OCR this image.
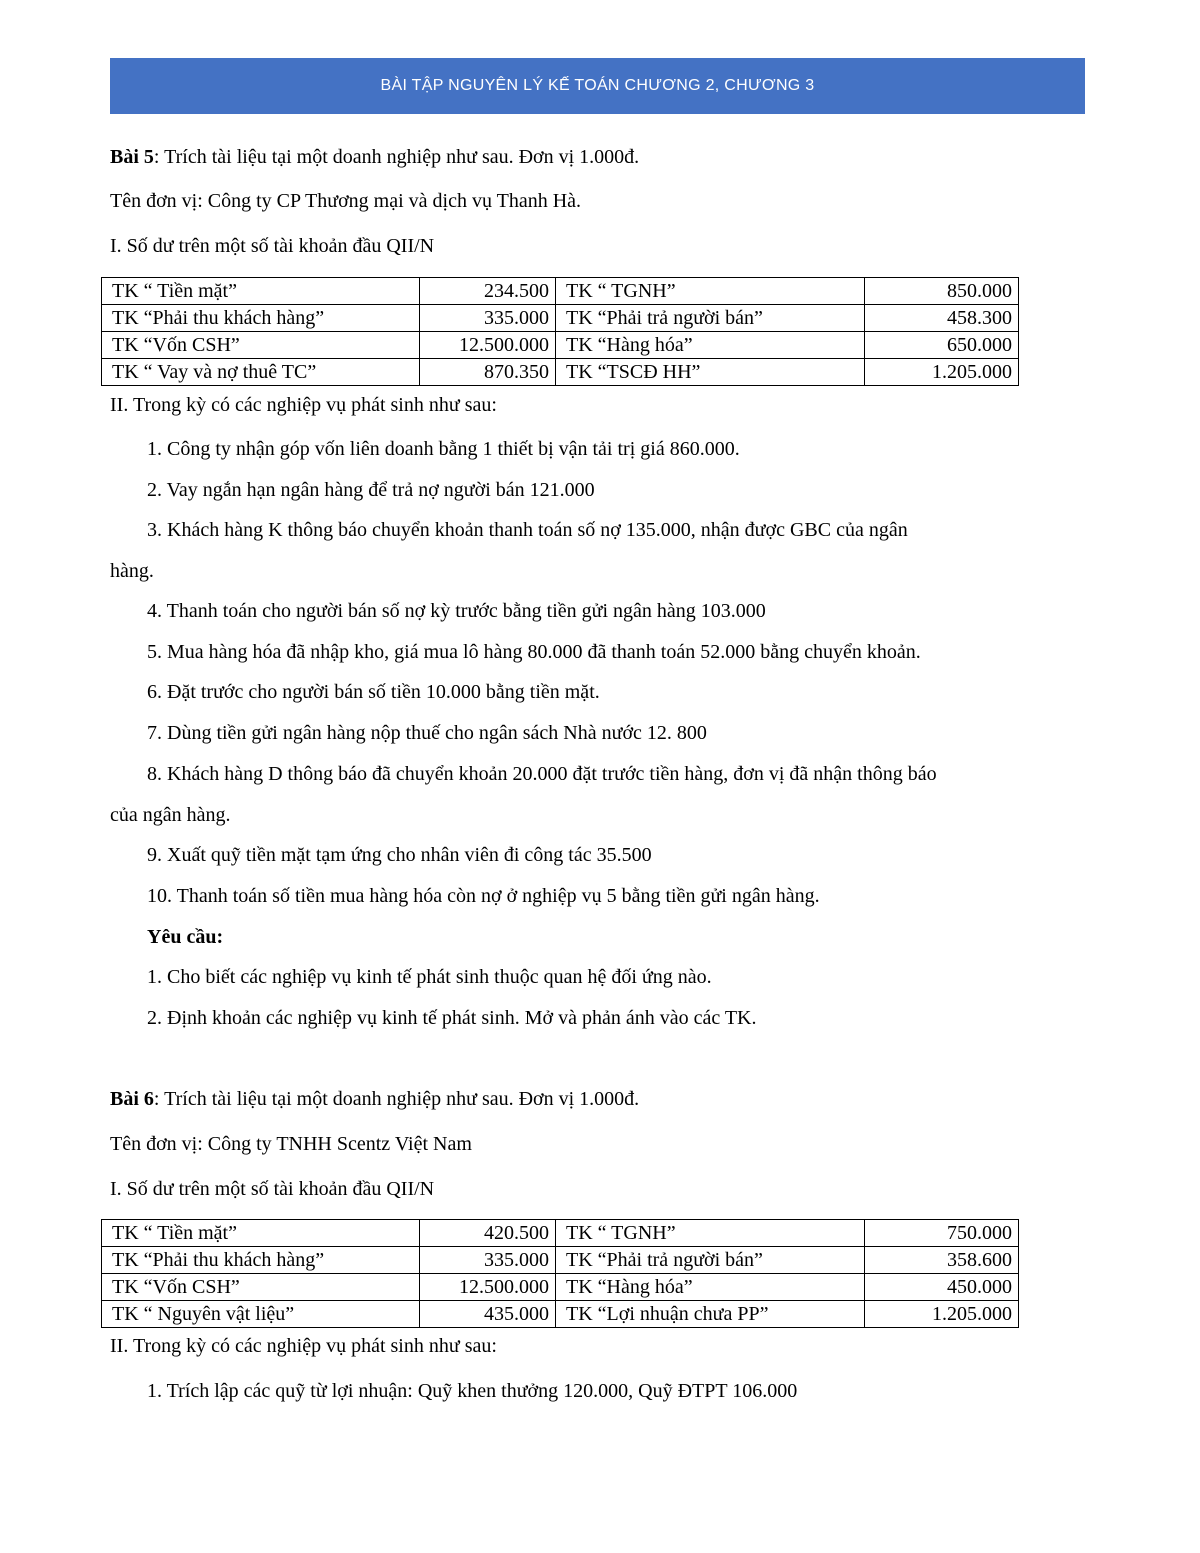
BÀI TẬP NGUYÊN LÝ KẾ TOÁN CHƯƠNG 2, CHƯƠNG 3
Bài 5: Trích tài liệu tại một doanh nghiệp như sau. Đơn vị 1.000đ.
Tên đơn vị: Công ty CP Thương mại và dịch vụ Thanh Hà.
I. Số dư trên một số tài khoản đầu QII/N
TK “ Tiền mặt”	234.500	TK “ TGNH”	850.000
TK “Phải thu khách hàng”	335.000	TK “Phải trả người bán”	458.300
TK “Vốn CSH”	12.500.000	TK “Hàng hóa”	650.000
TK “ Vay và nợ thuê TC”	870.350	TK “TSCĐ HH”	1.205.000
II. Trong kỳ có các nghiệp vụ phát sinh như sau:
1. Công ty nhận góp vốn liên doanh bằng 1 thiết bị vận tải trị giá 860.000.
2. Vay ngắn hạn ngân hàng để trả nợ người bán 121.000
3. Khách hàng K thông báo chuyển khoản thanh toán số nợ 135.000, nhận được GBC của ngân
hàng.
4. Thanh toán cho người bán số nợ kỳ trước bằng tiền gửi ngân hàng 103.000
5. Mua hàng hóa đã nhập kho, giá mua lô hàng 80.000 đã thanh toán 52.000 bằng chuyển khoản.
6. Đặt trước cho người bán số tiền 10.000 bằng tiền mặt.
7. Dùng tiền gửi ngân hàng nộp thuế cho ngân sách Nhà nước 12. 800
8. Khách hàng D thông báo đã chuyển khoản 20.000 đặt trước tiền hàng, đơn vị đã nhận thông báo
của ngân hàng.
9. Xuất quỹ tiền mặt tạm ứng cho nhân viên đi công tác 35.500
10. Thanh toán số tiền mua hàng hóa còn nợ ở nghiệp vụ 5 bằng tiền gửi ngân hàng.
Yêu cầu:
1. Cho biết các nghiệp vụ kinh tế phát sinh thuộc quan hệ đối ứng nào.
2. Định khoản các nghiệp vụ kinh tế phát sinh. Mở và phản ánh vào các TK.
Bài 6: Trích tài liệu tại một doanh nghiệp như sau. Đơn vị 1.000đ.
Tên đơn vị: Công ty TNHH Scentz Việt Nam
I. Số dư trên một số tài khoản đầu QII/N
TK “ Tiền mặt”	420.500	TK “ TGNH”	750.000
TK “Phải thu khách hàng”	335.000	TK “Phải trả người bán”	358.600
TK “Vốn CSH”	12.500.000	TK “Hàng hóa”	450.000
TK “ Nguyên vật liệu”	435.000	TK “Lợi nhuận chưa PP”	1.205.000
II. Trong kỳ có các nghiệp vụ phát sinh như sau:
1. Trích lập các quỹ từ lợi nhuận: Quỹ khen thưởng 120.000, Quỹ ĐTPT 106.000
